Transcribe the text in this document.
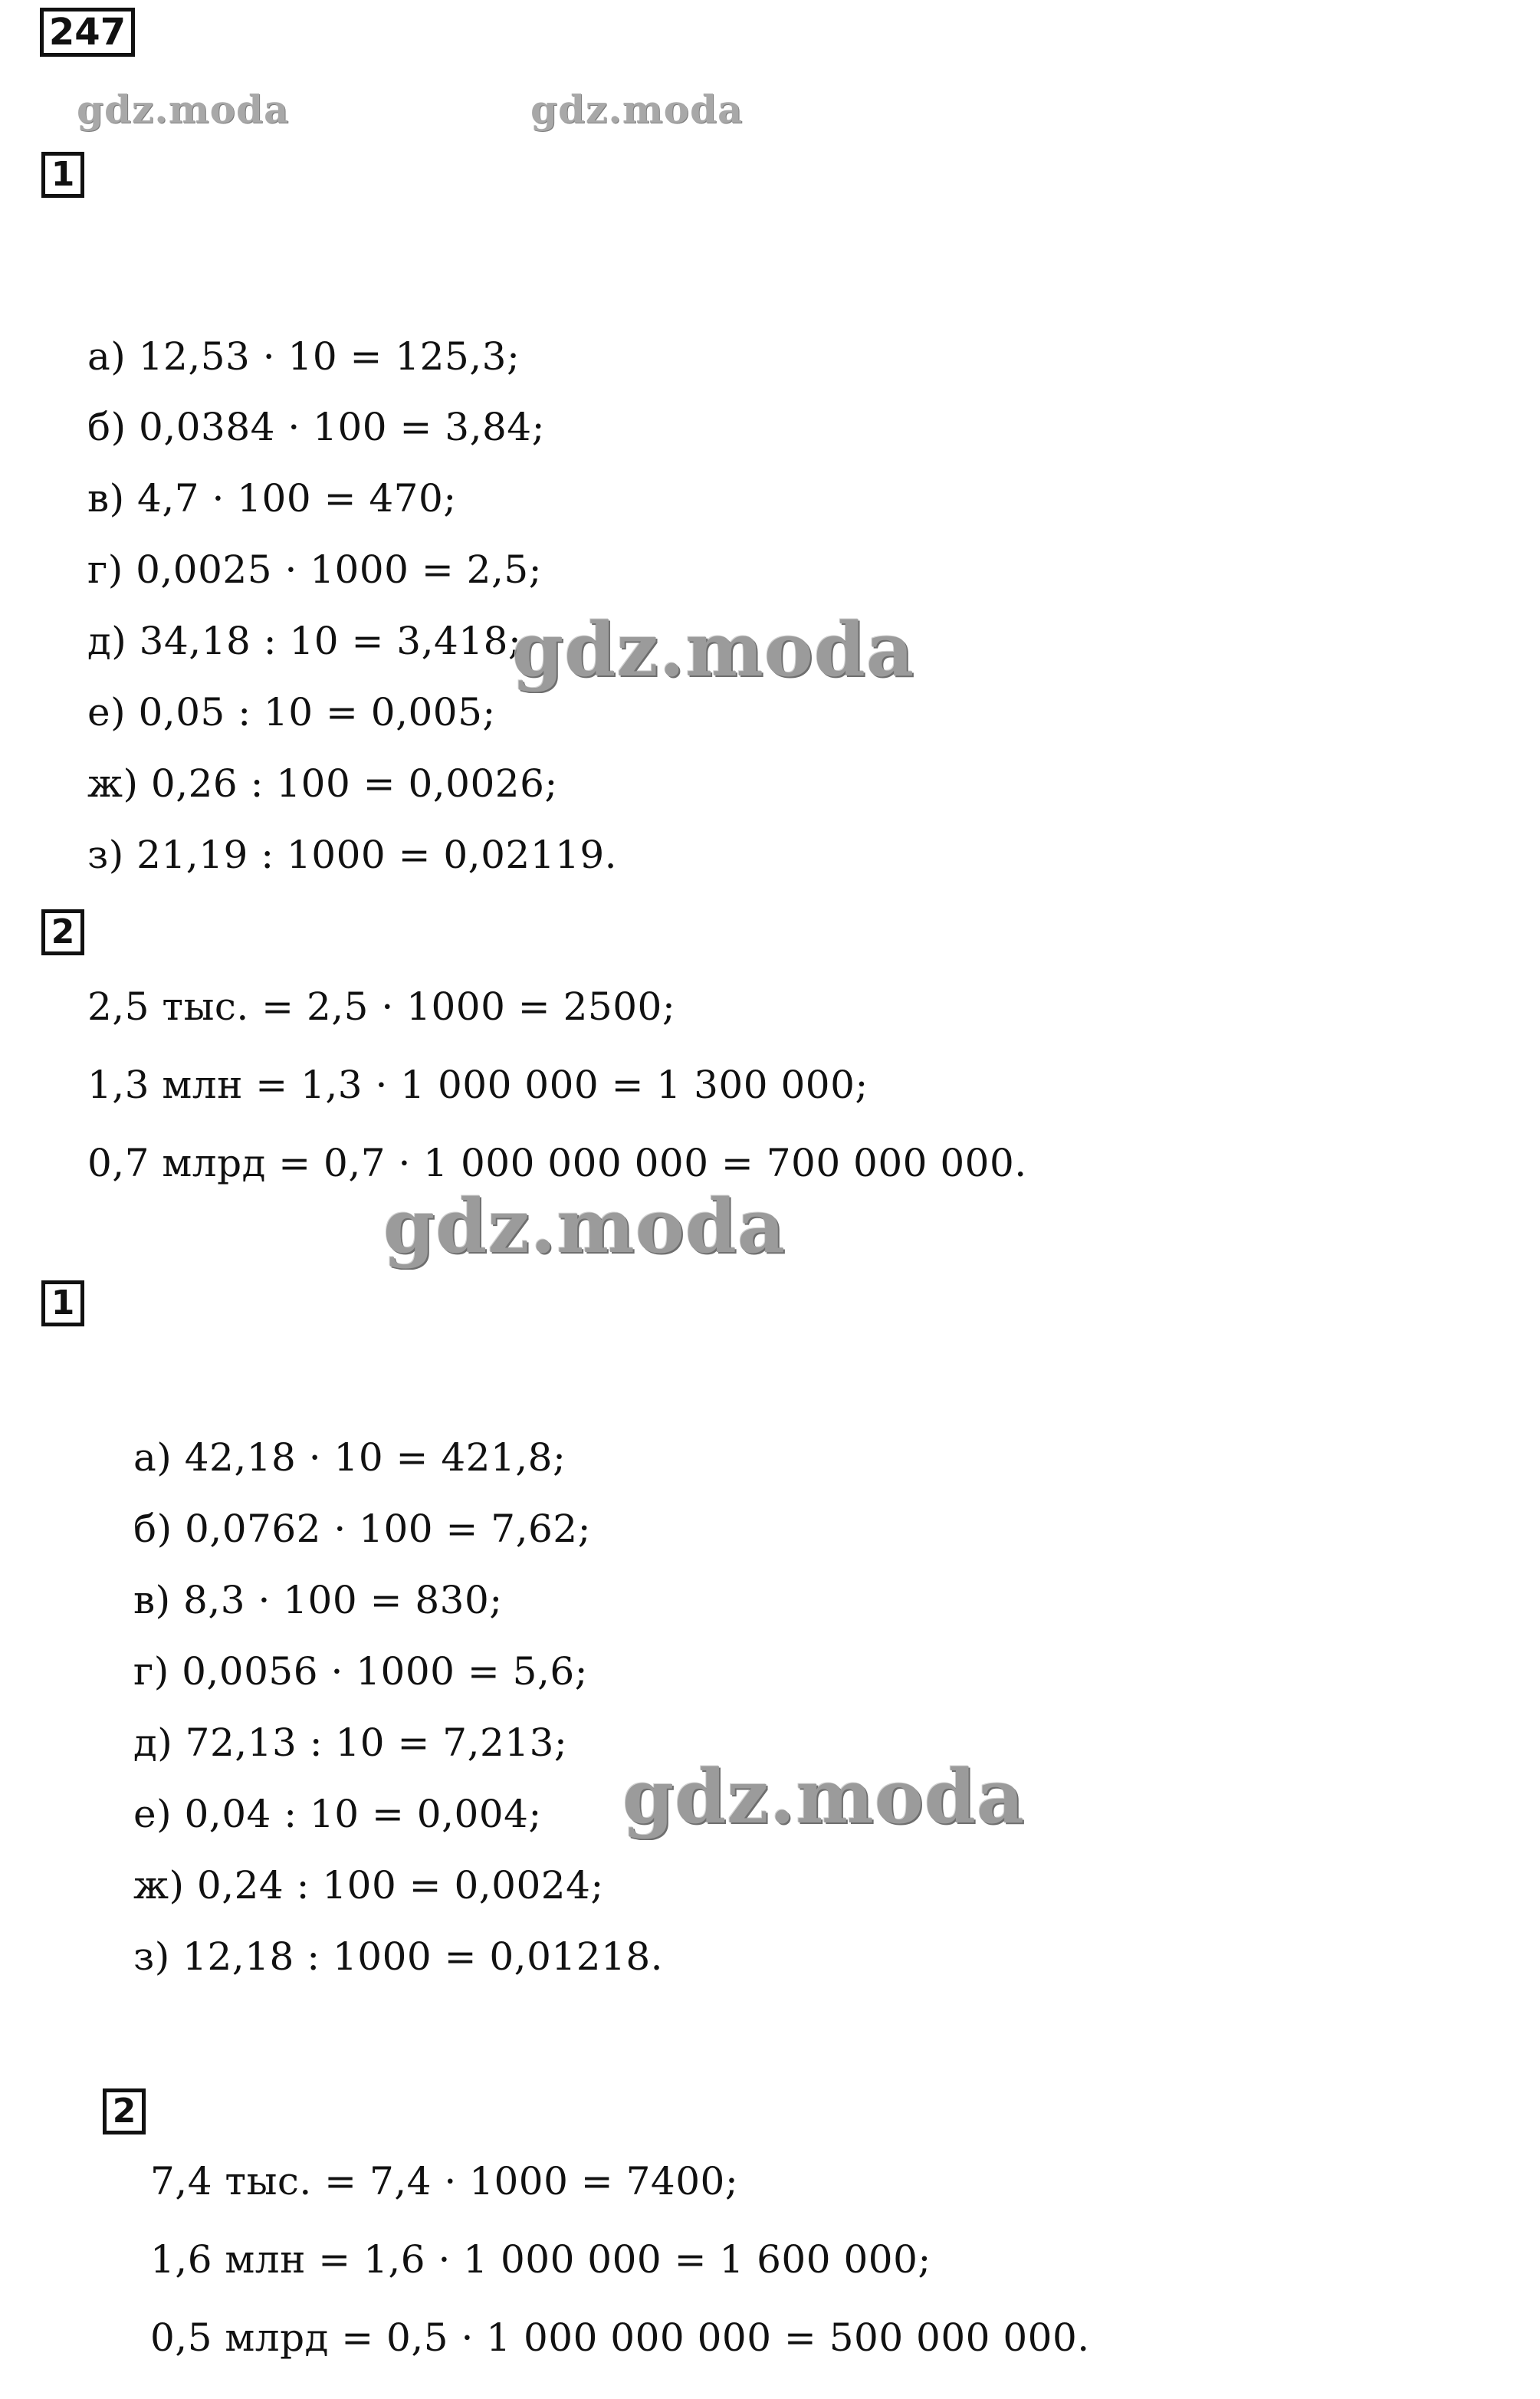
247
gdz.moda	gdz.moda
1
а) 12,53 · 10 = 125,3;
б) 0,0384 · 100 = 3,84;
в) 4,7 · 100 = 470;
г) 0,0025 · 1000 = 2,5;
д) 34,18 : 10 = 3,418;
е) 0,05 : 10 = 0,005;
ж) 0,26 : 100 = 0,0026;
з) 21,19 : 1000 = 0,02119.
gdz.moda
2
2,5 тыс. = 2,5 · 1000 = 2500;
1,3 млн = 1,3 · 1 000 000 = 1 300 000;
0,7 млрд = 0,7 · 1 000 000 000 = 700 000 000.
gdz.moda
1
а) 42,18 · 10 = 421,8;
б) 0,0762 · 100 = 7,62;
в) 8,3 · 100 = 830;
г) 0,0056 · 1000 = 5,6;
д) 72,13 : 10 = 7,213;
е) 0,04 : 10 = 0,004;
ж) 0,24 : 100 = 0,0024;
з) 12,18 : 1000 = 0,01218.
gdz.moda
2
7,4 тыс. = 7,4 · 1000 = 7400;
1,6 млн = 1,6 · 1 000 000 = 1 600 000;
0,5 млрд = 0,5 · 1 000 000 000 = 500 000 000.
